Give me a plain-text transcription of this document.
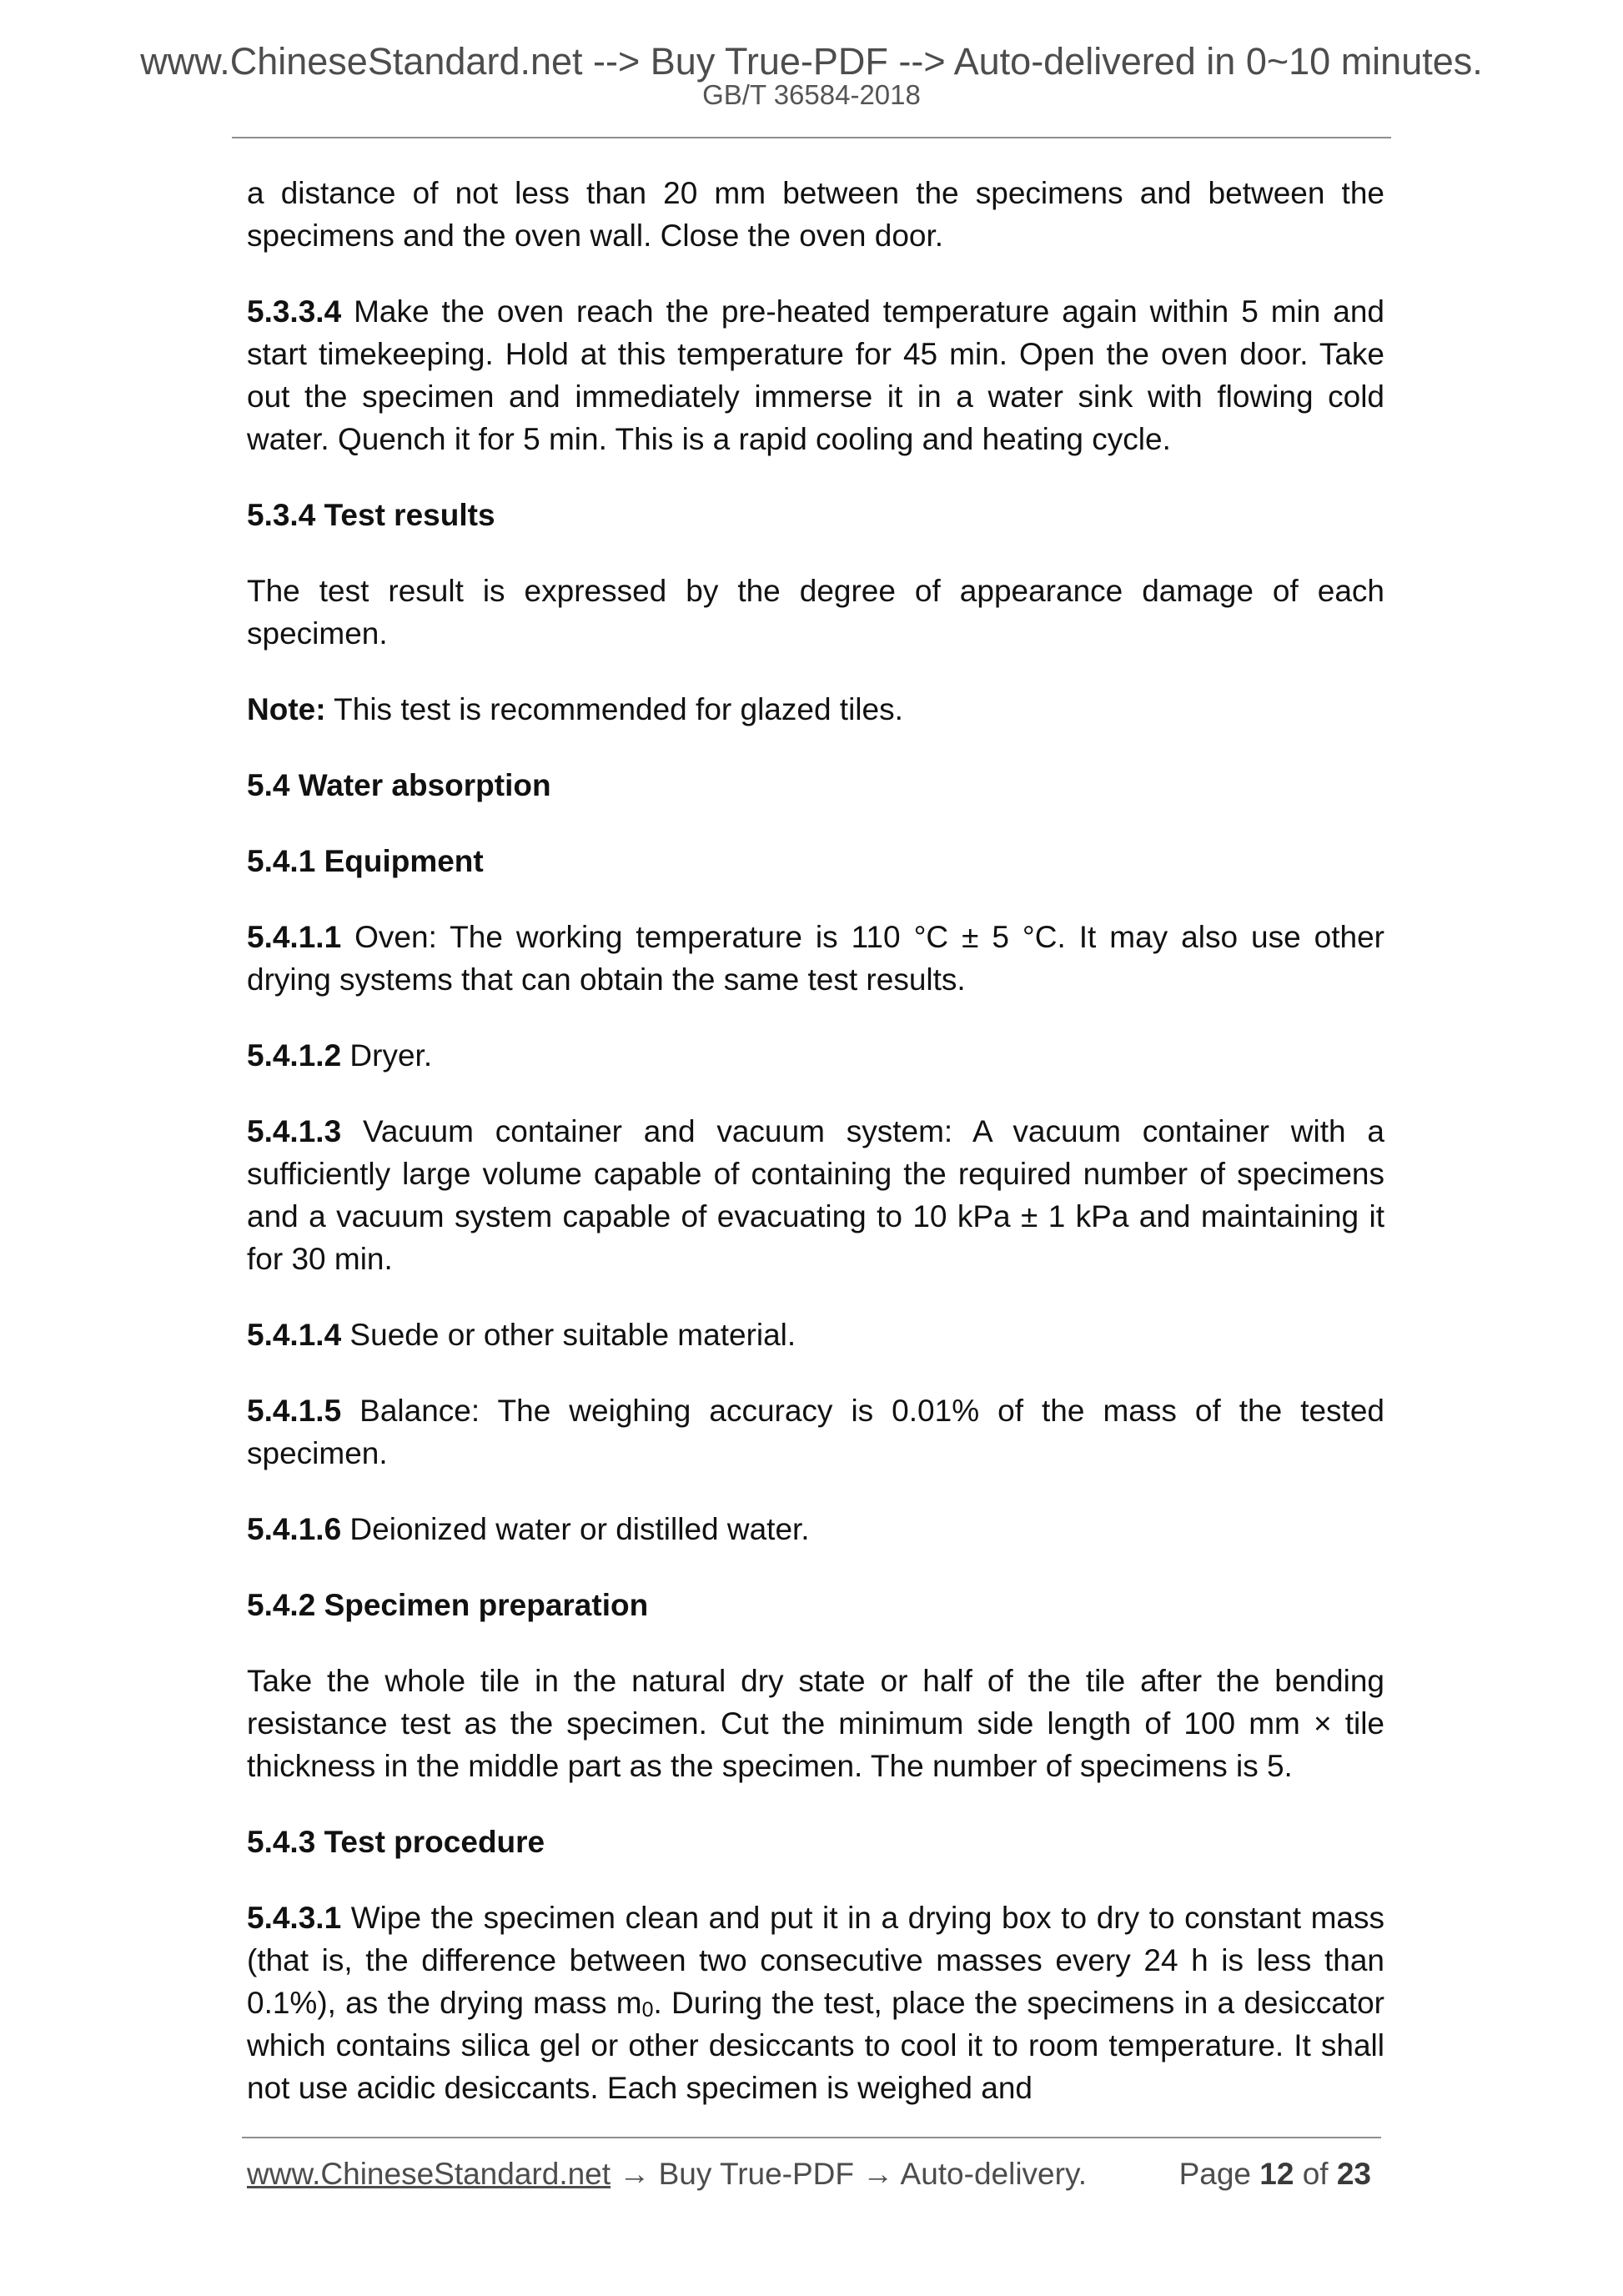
www.ChineseStandard.net --> Buy True-PDF --> Auto-delivered in 0~10 minutes.
GB/T 36584-2018

a distance of not less than 20 mm between the specimens and between the specimens and the oven wall. Close the oven door.

5.3.3.4 Make the oven reach the pre-heated temperature again within 5 min and start timekeeping. Hold at this temperature for 45 min. Open the oven door. Take out the specimen and immediately immerse it in a water sink with flowing cold water. Quench it for 5 min. This is a rapid cooling and heating cycle.

5.3.4 Test results

The test result is expressed by the degree of appearance damage of each specimen.

Note: This test is recommended for glazed tiles.

5.4 Water absorption
5.4.1 Equipment

5.4.1.1 Oven: The working temperature is 110 °C ± 5 °C. It may also use other drying systems that can obtain the same test results.

5.4.1.2 Dryer.

5.4.1.3 Vacuum container and vacuum system: A vacuum container with a sufficiently large volume capable of containing the required number of specimens and a vacuum system capable of evacuating to 10 kPa ± 1 kPa and maintaining it for 30 min.

5.4.1.4 Suede or other suitable material.

5.4.1.5 Balance: The weighing accuracy is 0.01% of the mass of the tested specimen.

5.4.1.6 Deionized water or distilled water.

5.4.2 Specimen preparation

Take the whole tile in the natural dry state or half of the tile after the bending resistance test as the specimen. Cut the minimum side length of 100 mm × tile thickness in the middle part as the specimen. The number of specimens is 5.

5.4.3 Test procedure

5.4.3.1 Wipe the specimen clean and put it in a drying box to dry to constant mass (that is, the difference between two consecutive masses every 24 h is less than 0.1%), as the drying mass $m_0$. During the test, place the specimens in a desiccator which contains silica gel or other desiccants to cool it to room temperature. It shall not use acidic desiccants. Each specimen is weighed and

www.ChineseStandard.net → Buy True-PDF → Auto-delivery.	Page 12 of 23
